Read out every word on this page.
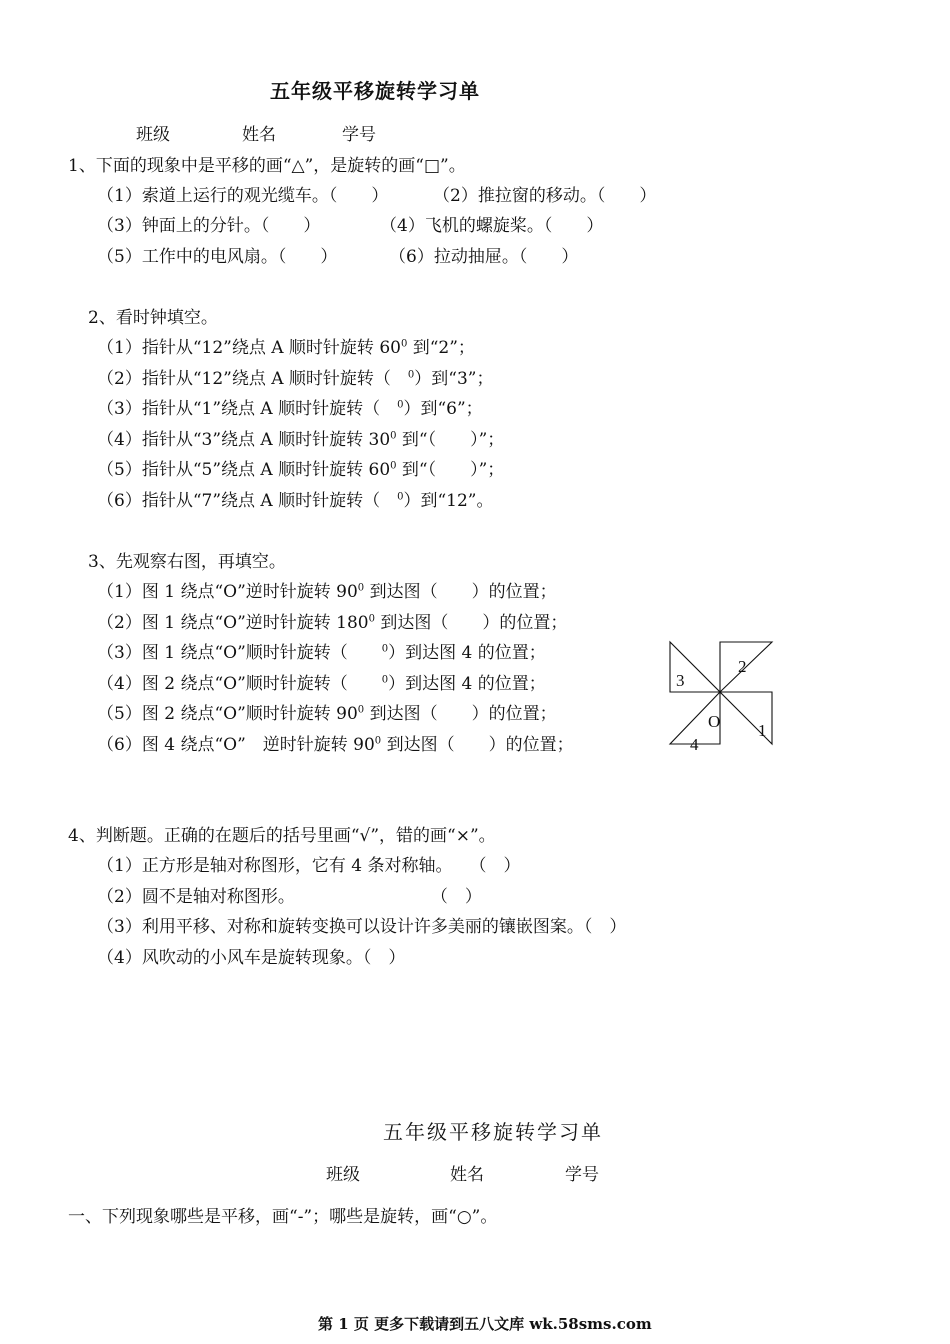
五年级平移旋转学习单
班级	姓名	学号
1、下面的现象中是平移的画“△”，是旋转的画“□”。
（1）索道上运行的观光缆车。（　　）	（2）推拉窗的移动。（　　）
（3）钟面上的分针。（　　）	（4）飞机的螺旋桨。（　　）
（5）工作中的电风扇。（　　）	（6）拉动抽屉。（　　）
2、看时钟填空。
（1）指针从“12”绕点 A 顺时针旋转 $60^0$ 到“2”；
（2）指针从“12”绕点 A 顺时针旋转（　$^0$）到“3”；
（3）指针从“1”绕点 A 顺时针旋转（　$^0$）到“6”；
（4）指针从“3”绕点 A 顺时针旋转 $30^0$ 到“（　　）”；
（5）指针从“5”绕点 A 顺时针旋转 $60^0$ 到“（　　）”；
（6）指针从“7”绕点 A 顺时针旋转（　$^0$）到“12”。
3、先观察右图，再填空。
（1）图 1 绕点“O”逆时针旋转 $90^0$ 到达图（　　）的位置；
（2）图 1 绕点“O”逆时针旋转 $180^0$ 到达图（　　）的位置；
（3）图 1 绕点“O”顺时针旋转（　　$^0$）到达图 4 的位置；
（4）图 2 绕点“O”顺时针旋转（　　$^0$）到达图 4 的位置；
（5）图 2 绕点“O”顺时针旋转 $90^0$ 到达图（　　）的位置；
（6）图 4 绕点“O”　逆时针旋转 $90^0$ 到达图（　　）的位置；
2
3
O 1
4
4、判断题。正确的在题后的括号里画“√”，错的画“×”。
（1）正方形是轴对称图形，它有 4 条对称轴。　　（　）
（2）圆不是轴对称图形。　　　　　　　　　（　）
（3）利用平移、对称和旋转变换可以设计许多美丽的镶嵌图案。（　）
（4）风吹动的小风车是旋转现象。（　）
五年级平移旋转学习单
班级	姓名	学号
一、下列现象哪些是平移，画“-”；哪些是旋转，画“○”。
第 1 页 更多下载请到五八文库 wk.58sms.com
